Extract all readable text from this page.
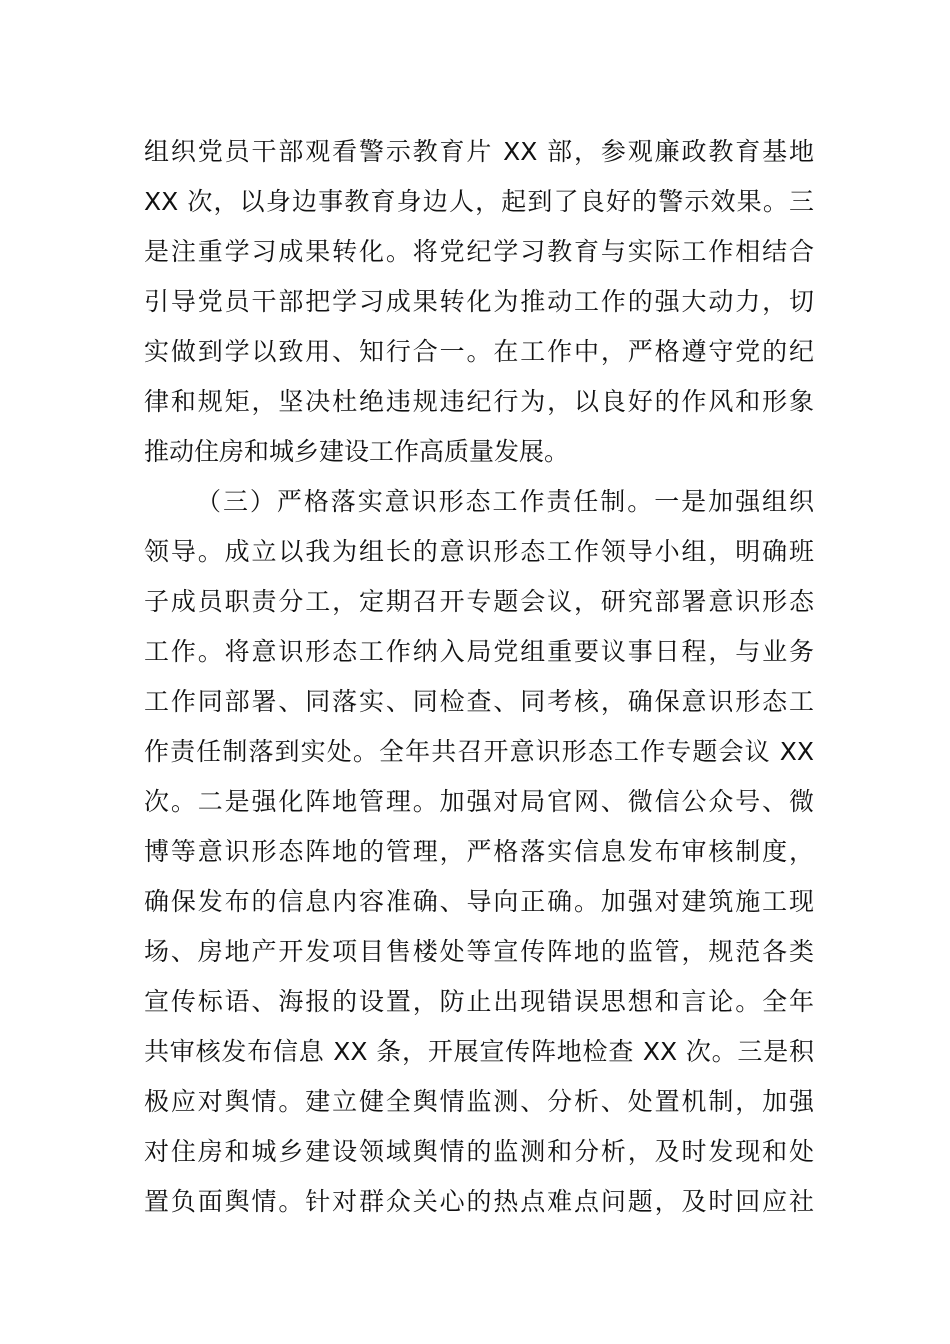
组织党员干部观看警示教育片 XX 部，参观廉政教育基地
XX 次，以身边事教育身边人，起到了良好的警示效果。三
是注重学习成果转化。将党纪学习教育与实际工作相结合
引导党员干部把学习成果转化为推动工作的强大动力，切
实做到学以致用、知行合一。在工作中，严格遵守党的纪
律和规矩，坚决杜绝违规违纪行为，以良好的作风和形象
推动住房和城乡建设工作高质量发展。
（三）严格落实意识形态工作责任制。一是加强组织
领导。成立以我为组长的意识形态工作领导小组，明确班
子成员职责分工，定期召开专题会议，研究部署意识形态
工作。将意识形态工作纳入局党组重要议事日程，与业务
工作同部署、同落实、同检查、同考核，确保意识形态工
作责任制落到实处。全年共召开意识形态工作专题会议 XX
次。二是强化阵地管理。加强对局官网、微信公众号、微
博等意识形态阵地的管理，严格落实信息发布审核制度，
确保发布的信息内容准确、导向正确。加强对建筑施工现
场、房地产开发项目售楼处等宣传阵地的监管，规范各类
宣传标语、海报的设置，防止出现错误思想和言论。全年
共审核发布信息 XX 条，开展宣传阵地检查 XX 次。三是积
极应对舆情。建立健全舆情监测、分析、处置机制，加强
对住房和城乡建设领域舆情的监测和分析，及时发现和处
置负面舆情。针对群众关心的热点难点问题，及时回应社
